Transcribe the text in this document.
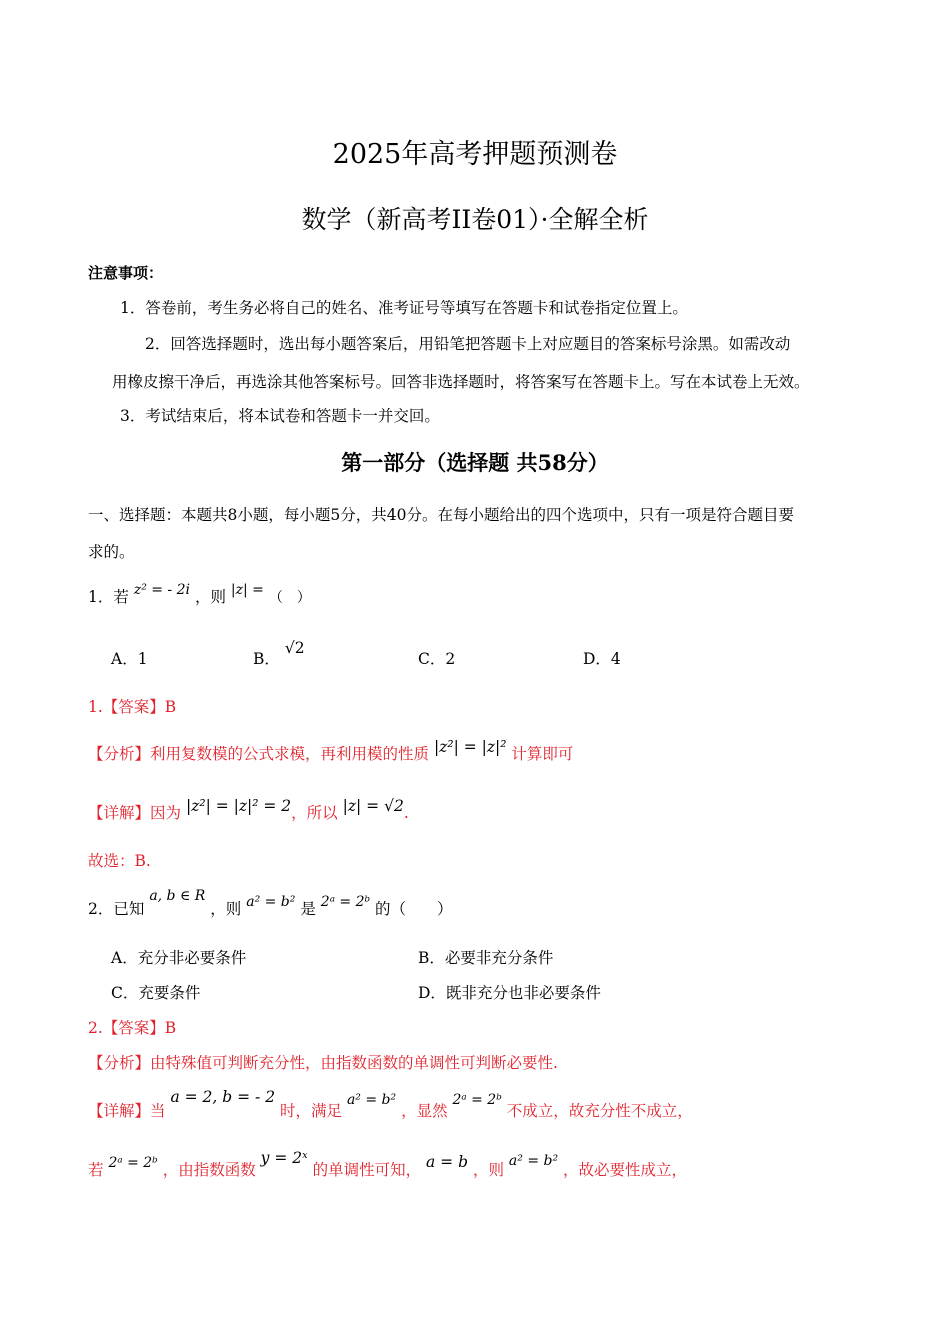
2025年高考押题预测卷
数学（新高考II卷01）·全解全析
注意事项：
1．答卷前，考生务必将自己的姓名、准考证号等填写在答题卡和试卷指定位置上。
2．回答选择题时，选出每小题答案后，用铅笔把答题卡上对应题目的答案标号涂黑。如需改动
用橡皮擦干净后，再选涂其他答案标号。回答非选择题时，将答案写在答题卡上。写在本试卷上无效。
3．考试结束后，将本试卷和答题卡一并交回。
第一部分（选择题 共58分）
一、选择题：本题共8小题，每小题5分，共40分。在每小题给出的四个选项中，只有一项是符合题目要
求的。
1．若 z² = - 2i ，则 |z| = （　）
A．1	B． √2
C．2	D．4
1.【答案】B
【分析】利用复数模的公式求模，再利用模的性质 |z²| = |z|² 计算即可
【详解】因为 |z²| = |z|² = 2，所以 |z| = √2.
故选：B.
2．已知 a, b ∈ R ，则 a² = b² 是 2ᵃ = 2ᵇ 的（　　）
A．充分非必要条件	B．必要非充分条件
C．充要条件	D．既非充分也非必要条件
2.【答案】B
【分析】由特殊值可判断充分性，由指数函数的单调性可判断必要性.
【详解】当 a = 2, b = - 2 时，满足 a² = b² ，显然 2ᵃ = 2ᵇ 不成立，故充分性不成立，
若 2ᵃ = 2ᵇ ，由指数函数 y = 2ˣ 的单调性可知， a = b ，则 a² = b² ，故必要性成立，
